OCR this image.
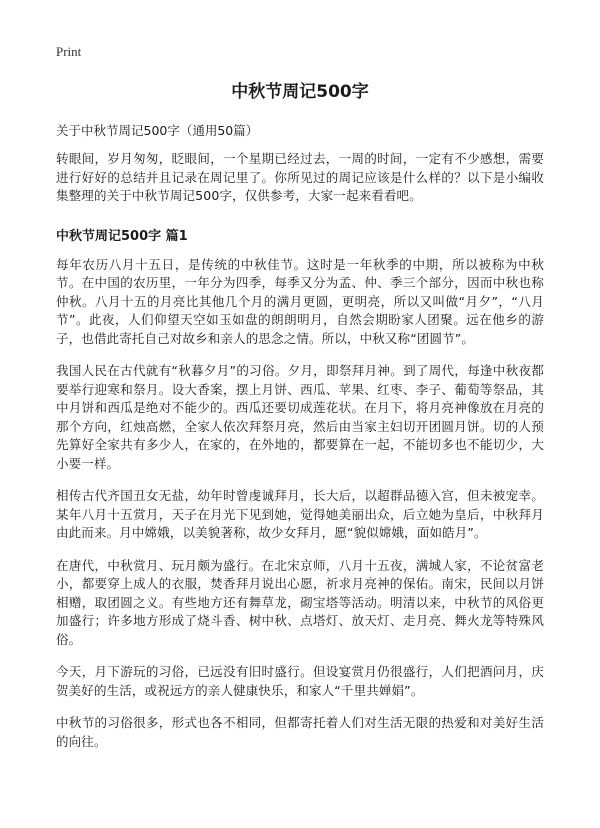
Print
中秋节周记500字
关于中秋节周记500字（通用50篇）

转眼间，岁月匆匆，眨眼间，一个星期已经过去，一周的时间，一定有不少感想，需要进行好好的总结并且记录在周记里了。你所见过的周记应该是什么样的？以下是小编收集整理的关于中秋节周记500字，仅供参考，大家一起来看看吧。

中秋节周记500字 篇1

每年农历八月十五日，是传统的中秋佳节。这时是一年秋季的中期，所以被称为中秋节。在中国的农历里，一年分为四季，每季又分为孟、仲、季三个部分，因而中秋也称仲秋。八月十五的月亮比其他几个月的满月更圆，更明亮，所以又叫做“月夕”，“八月节”。此夜，人们仰望天空如玉如盘的朗朗明月，自然会期盼家人团聚。远在他乡的游子，也借此寄托自己对故乡和亲人的思念之情。所以，中秋又称“团圆节”。

我国人民在古代就有“秋暮夕月”的习俗。夕月，即祭拜月神。到了周代，每逢中秋夜都要举行迎寒和祭月。设大香案，摆上月饼、西瓜、苹果、红枣、李子、葡萄等祭品，其中月饼和西瓜是绝对不能少的。西瓜还要切成莲花状。在月下，将月亮神像放在月亮的那个方向，红烛高燃，全家人依次拜祭月亮，然后由当家主妇切开团圆月饼。切的人预先算好全家共有多少人，在家的，在外地的，都要算在一起，不能切多也不能切少，大小要一样。

相传古代齐国丑女无盐，幼年时曾虔诚拜月，长大后，以超群品德入宫，但未被宠幸。某年八月十五赏月，天子在月光下见到她，觉得她美丽出众，后立她为皇后，中秋拜月由此而来。月中嫦娥，以美貌著称，故少女拜月，愿“貌似嫦娥，面如皓月”。

在唐代，中秋赏月、玩月颇为盛行。在北宋京师，八月十五夜，满城人家，不论贫富老小，都要穿上成人的衣服，焚香拜月说出心愿，祈求月亮神的保佑。南宋，民间以月饼相赠，取团圆之义。有些地方还有舞草龙，砌宝塔等活动。明清以来，中秋节的风俗更加盛行；许多地方形成了烧斗香、树中秋、点塔灯、放天灯、走月亮、舞火龙等特殊风俗。

今天，月下游玩的习俗，已远没有旧时盛行。但设宴赏月仍很盛行，人们把酒问月，庆贺美好的生活，或祝远方的亲人健康快乐，和家人“千里共婵娟”。

中秋节的习俗很多，形式也各不相同，但都寄托着人们对生活无限的热爱和对美好生活的向往。
